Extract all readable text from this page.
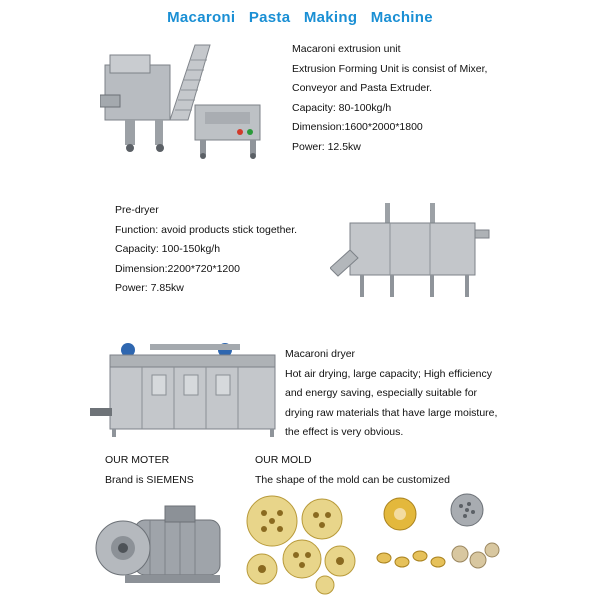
Macaroni Pasta Making Machine
Macaroni extrusion unit
Extrusion Forming Unit is consist of Mixer,
Conveyor and Pasta Extruder.
Capacity: 80-100kg/h
Dimension:1600*2000*1800
Power: 12.5kw
Pre-dryer
Function: avoid products stick together.
Capacity: 100-150kg/h
Dimension:2200*720*1200
Power: 7.85kw
Macaroni dryer
Hot air drying, large capacity; High efficiency
and energy saving, especially suitable for
drying raw materials that have large moisture,
the effect is very obvious.
OUR MOTER
Brand is SIEMENS
OUR MOLD
The shape of the mold can be customized
